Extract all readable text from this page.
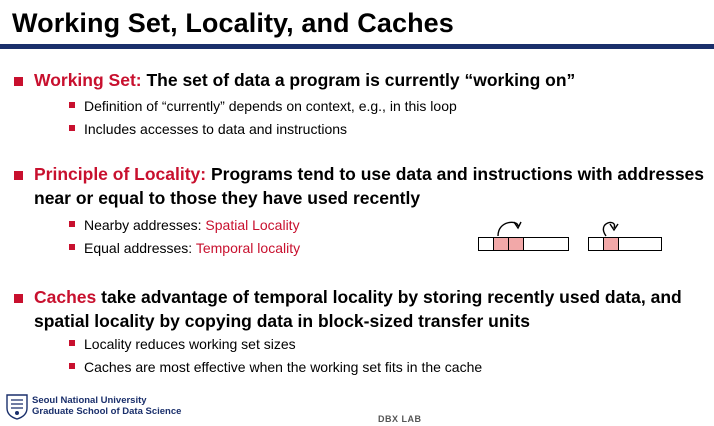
Working Set, Locality, and Caches
Working Set: The set of data a program is currently “working on”
Definition of “currently” depends on context, e.g., in this loop
Includes accesses to data and instructions
Principle of Locality: Programs tend to use data and instructions with addresses near or equal to those they have used recently
Nearby addresses: Spatial Locality
Equal addresses: Temporal locality
Caches take advantage of temporal locality by storing recently used data, and spatial locality by copying data in block-sized transfer units
Locality reduces working set sizes
Caches are most effective when the working set fits in the cache
Seoul National University
Graduate School of Data Science
DBX LAB
